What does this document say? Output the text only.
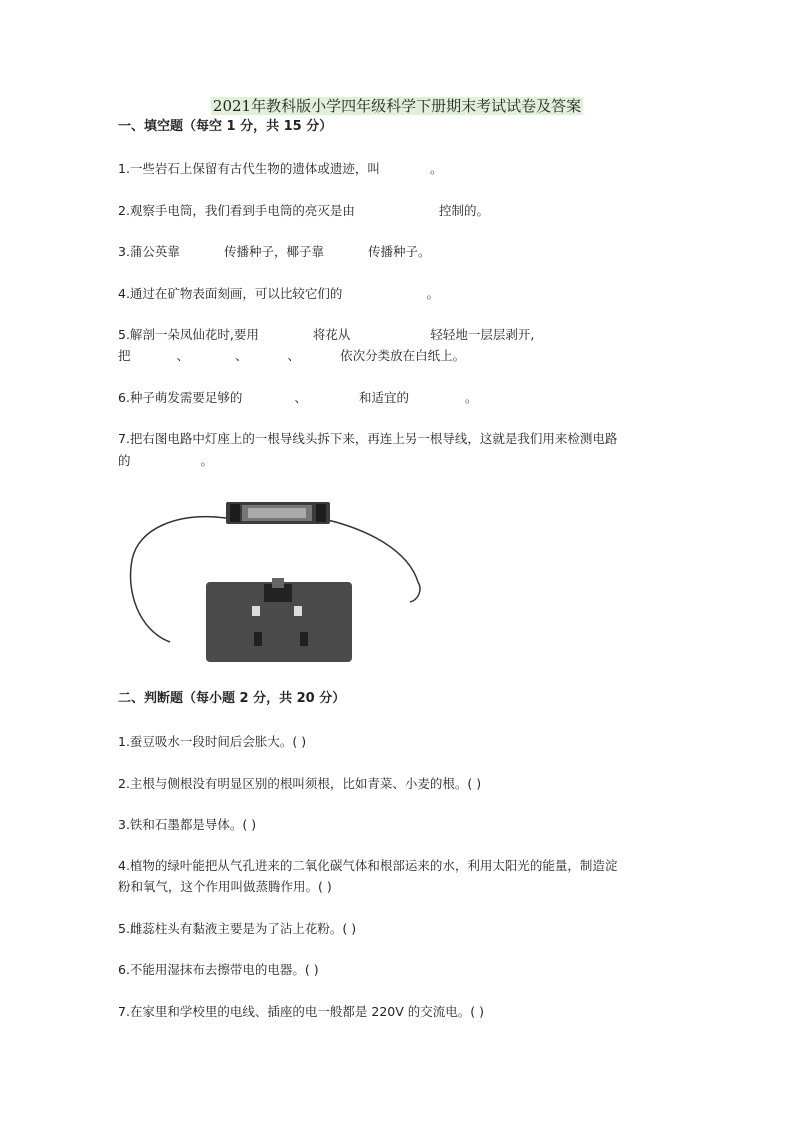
2021年教科版小学四年级科学下册期末考试试卷及答案
一、填空题（每空 1 分，共 15 分）
1.一些岩石上保留有古代生物的遗体或遗迹，叫	。
2.观察手电筒，我们看到手电筒的亮灭是由	控制的。
3.蒲公英靠	传播种子，椰子靠	传播种子。
4.通过在矿物表面刻画，可以比较它们的	。
5.解剖一朵凤仙花时,要用	将花从	轻轻地一层层剥开,
把	、	、	、	依次分类放在白纸上。
6.种子萌发需要足够的	、	和适宜的	。
7.把右图电路中灯座上的一根导线头拆下来，再连上另一根导线，这就是我们用来检测电路
的	。
二、判断题（每小题 2 分，共 20 分）
1.蚕豆吸水一段时间后会胀大。( )
2.主根与侧根没有明显区别的根叫须根，比如青菜、小麦的根。( )
3.铁和石墨都是导体。( )
4.植物的绿叶能把从气孔进来的二氧化碳气体和根部运来的水，利用太阳光的能量，制造淀
粉和氧气，这个作用叫做蒸腾作用。( )
5.雌蕊柱头有黏液主要是为了沾上花粉。( )
6.不能用湿抹布去擦带电的电器。( )
7.在家里和学校里的电线、插座的电一般都是 220V 的交流电。( )
